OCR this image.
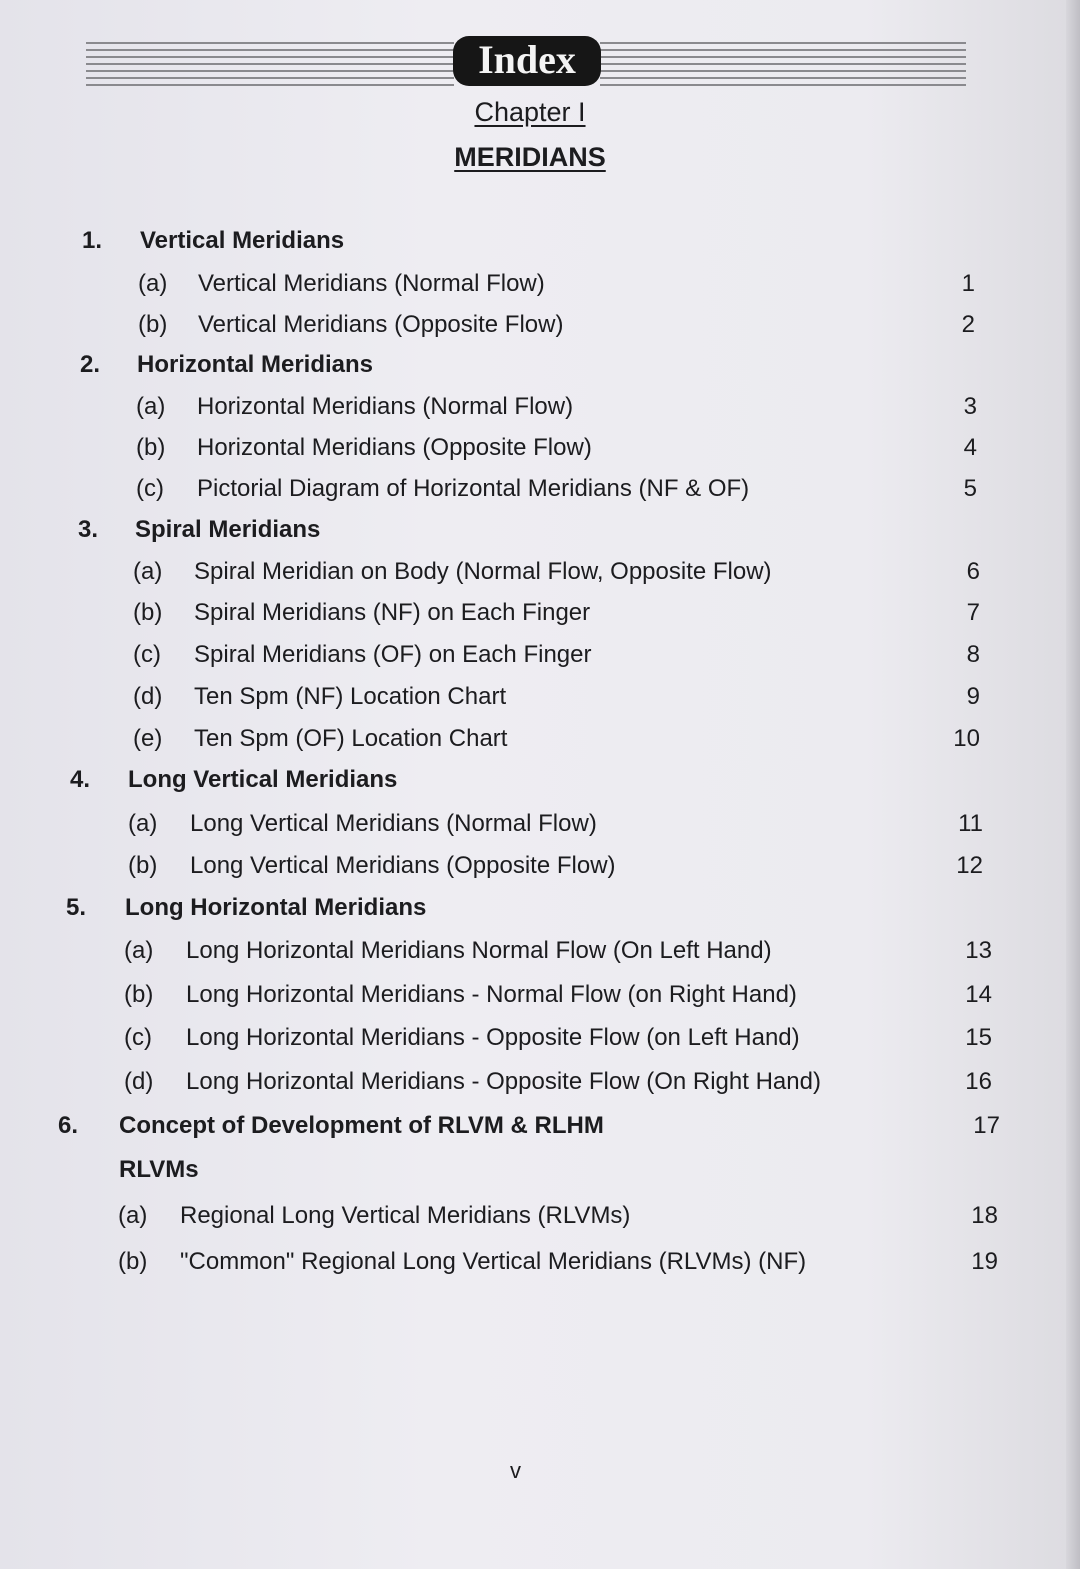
Index
Chapter I
MERIDIANS
1. Vertical Meridians
(a) Vertical Meridians (Normal Flow)	1
(b) Vertical Meridians (Opposite Flow)	2
2. Horizontal Meridians
(a) Horizontal Meridians (Normal Flow)	3
(b) Horizontal Meridians (Opposite Flow)	4
(c) Pictorial Diagram of Horizontal Meridians (NF & OF)	5
3. Spiral Meridians
(a) Spiral Meridian on Body (Normal Flow, Opposite Flow)	6
(b) Spiral Meridians (NF) on Each Finger	7
(c) Spiral Meridians (OF) on Each Finger	8
(d) Ten Spm (NF) Location Chart	9
(e) Ten Spm (OF) Location Chart	10
4. Long Vertical Meridians
(a) Long Vertical Meridians (Normal Flow)	11
(b) Long Vertical Meridians (Opposite Flow)	12
5. Long Horizontal Meridians
(a) Long Horizontal Meridians Normal Flow (On Left Hand)	13
(b) Long Horizontal Meridians - Normal Flow (on Right Hand)	14
(c) Long Horizontal Meridians - Opposite Flow (on Left Hand)	15
(d) Long Horizontal Meridians - Opposite Flow (On Right Hand)	16
6. Concept of Development of RLVM & RLHM	17
RLVMs
(a) Regional Long Vertical Meridians (RLVMs)	18
(b) "Common" Regional Long Vertical Meridians (RLVMs) (NF)	19
v
